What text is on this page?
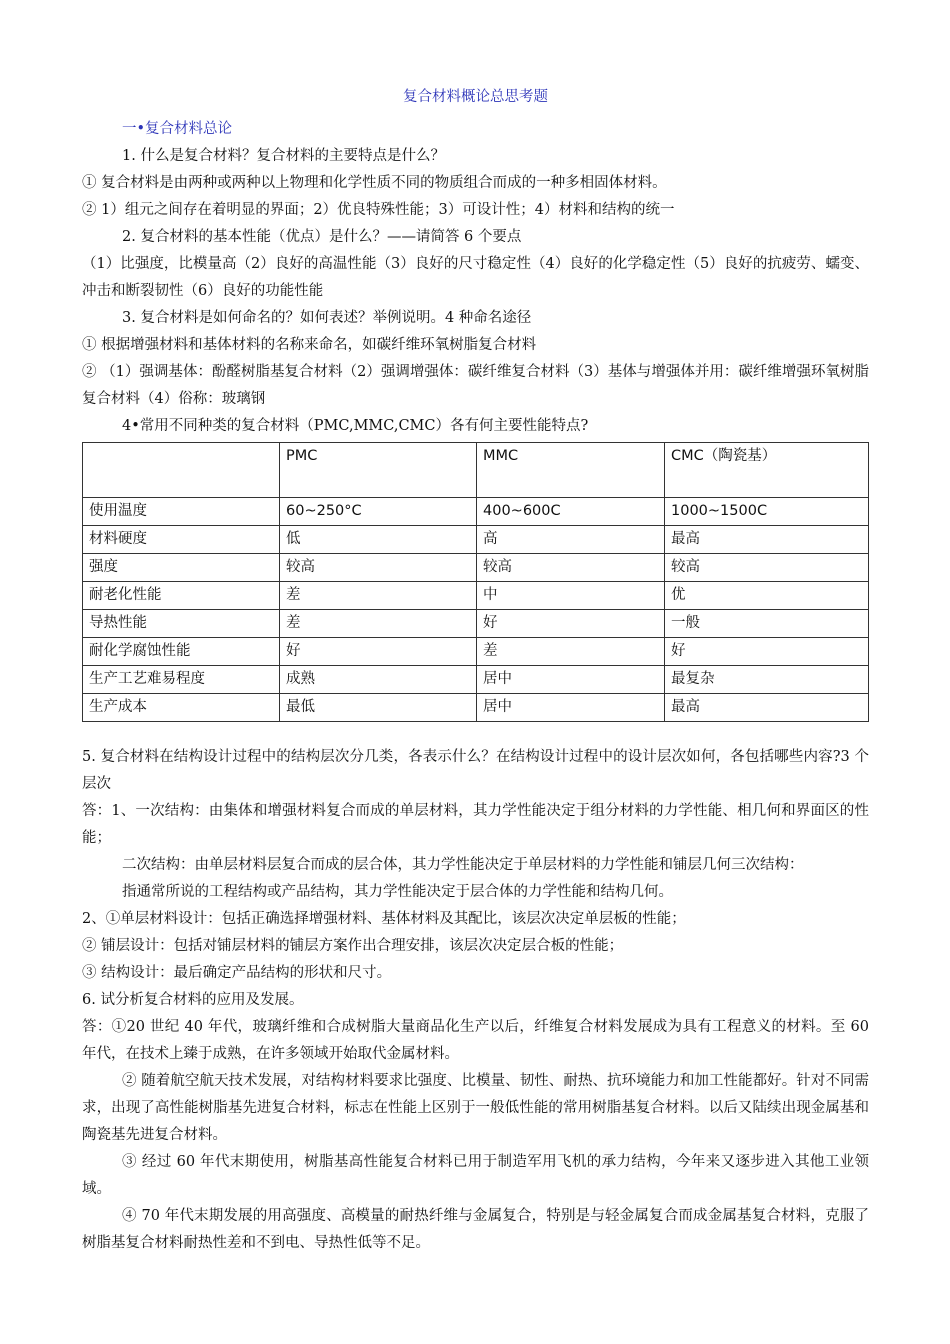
复合材料概论总思考题
一•复合材料总论
1. 什么是复合材料？复合材料的主要特点是什么？
① 复合材料是由两种或两种以上物理和化学性质不同的物质组合而成的一种多相固体材料。
② 1）组元之间存在着明显的界面；2）优良特殊性能；3）可设计性；4）材料和结构的统一
2. 复合材料的基本性能（优点）是什么？——请简答 6 个要点
（1）比强度，比模量高（2）良好的高温性能（3）良好的尺寸稳定性（4）良好的化学稳定性（5）良好的抗疲劳、蠕变、冲击和断裂韧性（6）良好的功能性能
3. 复合材料是如何命名的？如何表述？举例说明。4 种命名途径
① 根据增强材料和基体材料的名称来命名，如碳纤维环氧树脂复合材料
② （1）强调基体：酚醛树脂基复合材料（2）强调增强体：碳纤维复合材料（3）基体与增强体并用：碳纤维增强环氧树脂复合材料（4）俗称：玻璃钢
4•常用不同种类的复合材料（PMC,MMC,CMC）各有何主要性能特点?
	PMC	MMC	CMC（陶瓷基）
使用温度	60~250°C	400~600C	1000~1500C
材料硬度	低	高	最高
强度	较高	较高	较高
耐老化性能	差	中	优
导热性能	差	好	一般
耐化学腐蚀性能	好	差	好
生产工艺难易程度	成熟	居中	最复杂
生产成本	最低	居中	最高
5. 复合材料在结构设计过程中的结构层次分几类，各表示什么？在结构设计过程中的设计层次如何，各包括哪些内容?3 个层次
答：1、一次结构：由集体和增强材料复合而成的单层材料，其力学性能决定于组分材料的力学性能、相几何和界面区的性能；
二次结构：由单层材料层复合而成的层合体，其力学性能决定于单层材料的力学性能和铺层几何三次结构：
指通常所说的工程结构或产品结构，其力学性能决定于层合体的力学性能和结构几何。
2、①单层材料设计：包括正确选择增强材料、基体材料及其配比，该层次决定单层板的性能；
② 铺层设计：包括对铺层材料的铺层方案作出合理安排，该层次决定层合板的性能；
③ 结构设计：最后确定产品结构的形状和尺寸。
6. 试分析复合材料的应用及发展。
答：①20 世纪 40 年代，玻璃纤维和合成树脂大量商品化生产以后，纤维复合材料发展成为具有工程意义的材料。至 60 年代，在技术上臻于成熟，在许多领域开始取代金属材料。
② 随着航空航天技术发展，对结构材料要求比强度、比模量、韧性、耐热、抗环境能力和加工性能都好。针对不同需求，出现了高性能树脂基先进复合材料，标志在性能上区别于一般低性能的常用树脂基复合材料。以后又陆续出现金属基和陶瓷基先进复合材料。
③ 经过 60 年代末期使用，树脂基高性能复合材料已用于制造军用飞机的承力结构，今年来又逐步进入其他工业领域。
④ 70 年代末期发展的用高强度、高模量的耐热纤维与金属复合，特别是与轻金属复合而成金属基复合材料，克服了树脂基复合材料耐热性差和不到电、导热性低等不足。
